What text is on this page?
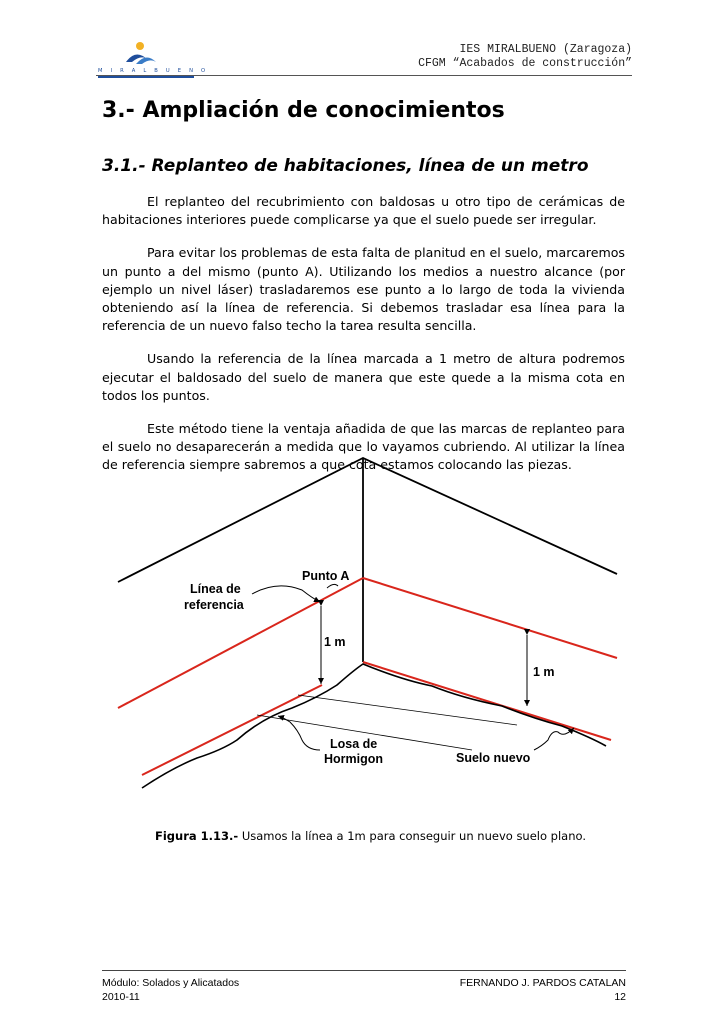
M I R A L B U E N O
IES MIRALBUENO (Zaragoza)
CFGM “Acabados de construcción”
3.- Ampliación de conocimientos
3.1.- Replanteo de habitaciones, línea de un metro

El replanteo del recubrimiento con baldosas u otro tipo de cerámicas de habitaciones interiores puede complicarse ya que el suelo puede ser irregular.

Para evitar los problemas de esta falta de planitud en el suelo, marcaremos un punto a del mismo (punto A). Utilizando los medios a nuestro alcance (por ejemplo un nivel láser) trasladaremos ese punto a lo largo de toda la vivienda obteniendo así la línea de referencia. Si debemos trasladar esa línea para la referencia de un nuevo falso techo la tarea resulta sencilla.

Usando la referencia de la línea marcada a 1 metro de altura podremos ejecutar el baldosado del suelo de manera que este quede a la misma cota en todos los puntos.

Este método tiene la ventaja añadida de que las marcas de replanteo para el suelo no desaparecerán a medida que lo vayamos cubriendo. Al utilizar la línea de referencia siempre sabremos a que cota estamos colocando las piezas.

Punto A
Línea de
referencia
1 m
1 m
Losa de
Hormigon	Suelo nuevo
Figura 1.13.- Usamos la línea a 1m para conseguir un nuevo suelo plano.
Módulo: Solados y Alicatados	FERNANDO J. PARDOS CATALAN
2010-11	12
